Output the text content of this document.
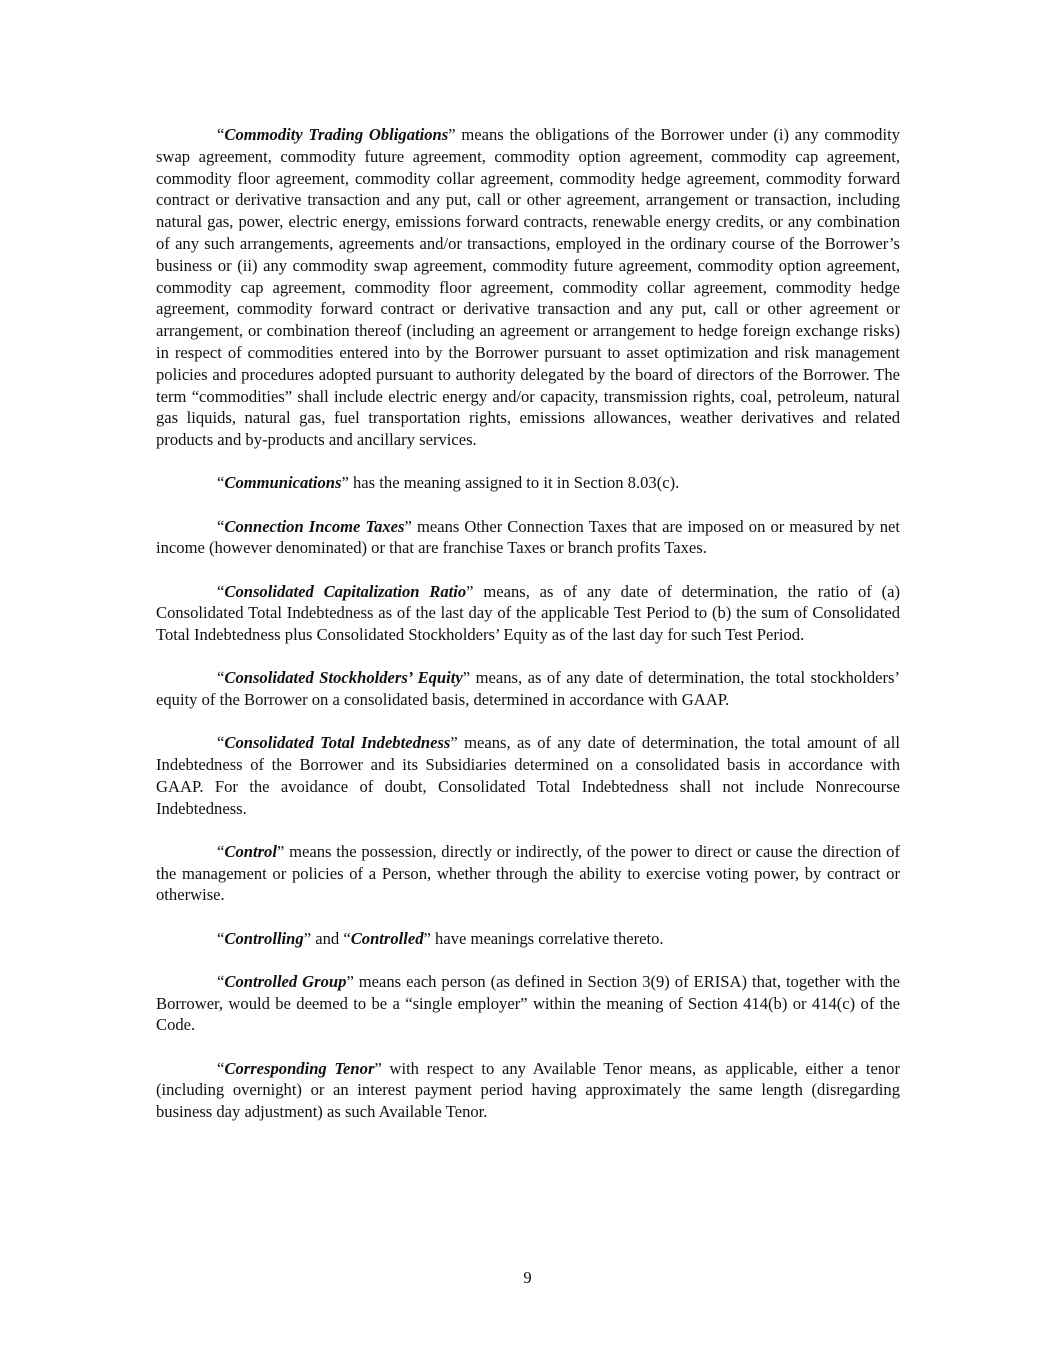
“Commodity Trading Obligations” means the obligations of the Borrower under (i) any commodity swap agreement, commodity future agreement, commodity option agreement, commodity cap agreement, commodity floor agreement, commodity collar agreement, commodity hedge agreement, commodity forward contract or derivative transaction and any put, call or other agreement, arrangement or transaction, including natural gas, power, electric energy, emissions forward contracts, renewable energy credits, or any combination of any such arrangements, agreements and/or transactions, employed in the ordinary course of the Borrower’s business or (ii) any commodity swap agreement, commodity future agreement, commodity option agreement, commodity cap agreement, commodity floor agreement, commodity collar agreement, commodity hedge agreement, commodity forward contract or derivative transaction and any put, call or other agreement or arrangement, or combination thereof (including an agreement or arrangement to hedge foreign exchange risks) in respect of commodities entered into by the Borrower pursuant to asset optimization and risk management policies and procedures adopted pursuant to authority delegated by the board of directors of the Borrower. The term “commodities” shall include electric energy and/or capacity, transmission rights, coal, petroleum, natural gas liquids, natural gas, fuel transportation rights, emissions allowances, weather derivatives and related products and by-products and ancillary services.

“Communications” has the meaning assigned to it in Section 8.03(c).

“Connection Income Taxes” means Other Connection Taxes that are imposed on or measured by net income (however denominated) or that are franchise Taxes or branch profits Taxes.

“Consolidated Capitalization Ratio” means, as of any date of determination, the ratio of (a) Consolidated Total Indebtedness as of the last day of the applicable Test Period to (b) the sum of Consolidated Total Indebtedness plus Consolidated Stockholders’ Equity as of the last day for such Test Period.

“Consolidated Stockholders’ Equity” means, as of any date of determination, the total stockholders’ equity of the Borrower on a consolidated basis, determined in accordance with GAAP.

“Consolidated Total Indebtedness” means, as of any date of determination, the total amount of all Indebtedness of the Borrower and its Subsidiaries determined on a consolidated basis in accordance with GAAP. For the avoidance of doubt, Consolidated Total Indebtedness shall not include Nonrecourse Indebtedness.

“Control” means the possession, directly or indirectly, of the power to direct or cause the direction of the management or policies of a Person, whether through the ability to exercise voting power, by contract or otherwise.

“Controlling” and “Controlled” have meanings correlative thereto.

“Controlled Group” means each person (as defined in Section 3(9) of ERISA) that, together with the Borrower, would be deemed to be a “single employer” within the meaning of Section 414(b) or 414(c) of the Code.

“Corresponding Tenor” with respect to any Available Tenor means, as applicable, either a tenor (including overnight) or an interest payment period having approximately the same length (disregarding business day adjustment) as such Available Tenor.

9
